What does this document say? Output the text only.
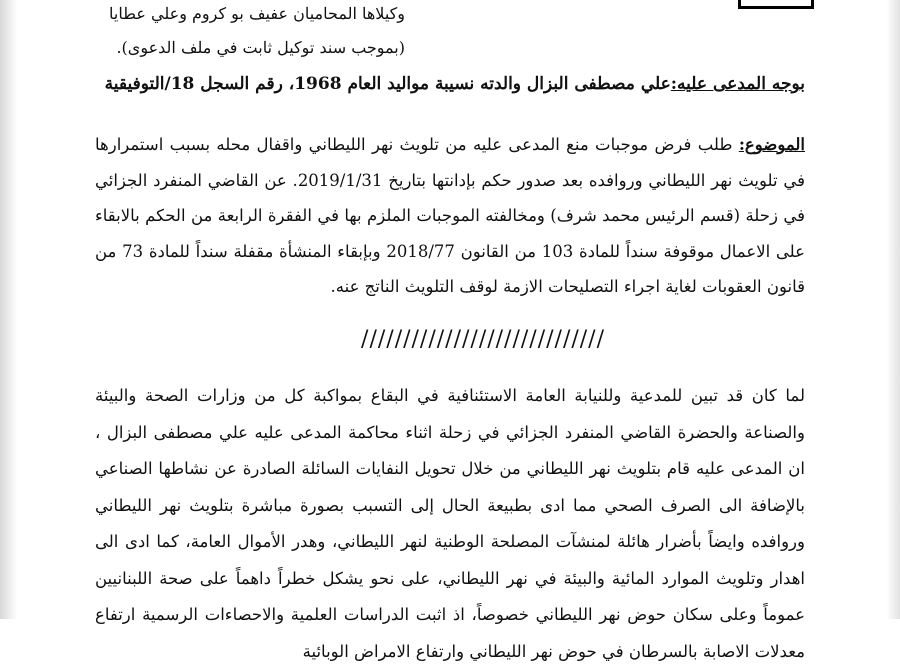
وكيلاها المحاميان عفيف بو كروم وعلي عطايا
(بموجب سند توكيل ثابت في ملف الدعوى).
بوجه المدعى عليه:علي مصطفى البزال والدته نسيبة مواليد العام 1968، رقم السجل 18/التوفيقية
الموضوع: طلب فرض موجبات منع المدعى عليه من تلويث نهر الليطاني واقفال محله بسبب استمرارها في تلويث نهر الليطاني وروافده بعد صدور حكم بإدانتها بتاريخ 2019/1/31. عن القاضي المنفرد الجزائي في زحلة (قسم الرئيس محمد شرف) ومخالفته الموجبات الملزم بها في الفقرة الرابعة من الحكم بالابقاء على الاعمال موقوفة سنداً للمادة 103 من القانون 2018/77 وبإبقاء المنشأة مقفلة سنداً للمادة 73 من قانون العقوبات لغاية اجراء التصليحات الازمة لوقف التلويث الناتج عنه.
/////////////////////////////
لما كان قد تبين للمدعية وللنيابة العامة الاستئنافية في البقاع بمواكبة كل من وزارات الصحة والبيئة والصناعة والحضرة القاضي المنفرد الجزائي في زحلة اثناء محاكمة المدعى عليه علي مصطفى البزال ، ان المدعى عليه قام بتلويث نهر الليطاني من خلال تحويل النفايات السائلة الصادرة عن نشاطها الصناعي بالإضافة الى الصرف الصحي مما ادى بطبيعة الحال إلى التسبب بصورة مباشرة بتلويث نهر الليطاني وروافده وايضاً بأضرار هائلة لمنشآت المصلحة الوطنية لنهر الليطاني، وهدر الأموال العامة، كما ادى الى اهدار وتلويث الموارد المائية والبيئة في نهر الليطاني، على نحو يشكل خطراً داهماً على صحة اللبنانيين عموماً وعلى سكان حوض نهر الليطاني خصوصاً، اذ اثبت الدراسات العلمية والاحصاءات الرسمية ارتفاع معدلات الاصابة بالسرطان في حوض نهر الليطاني وارتفاع الامراض الوبائية
